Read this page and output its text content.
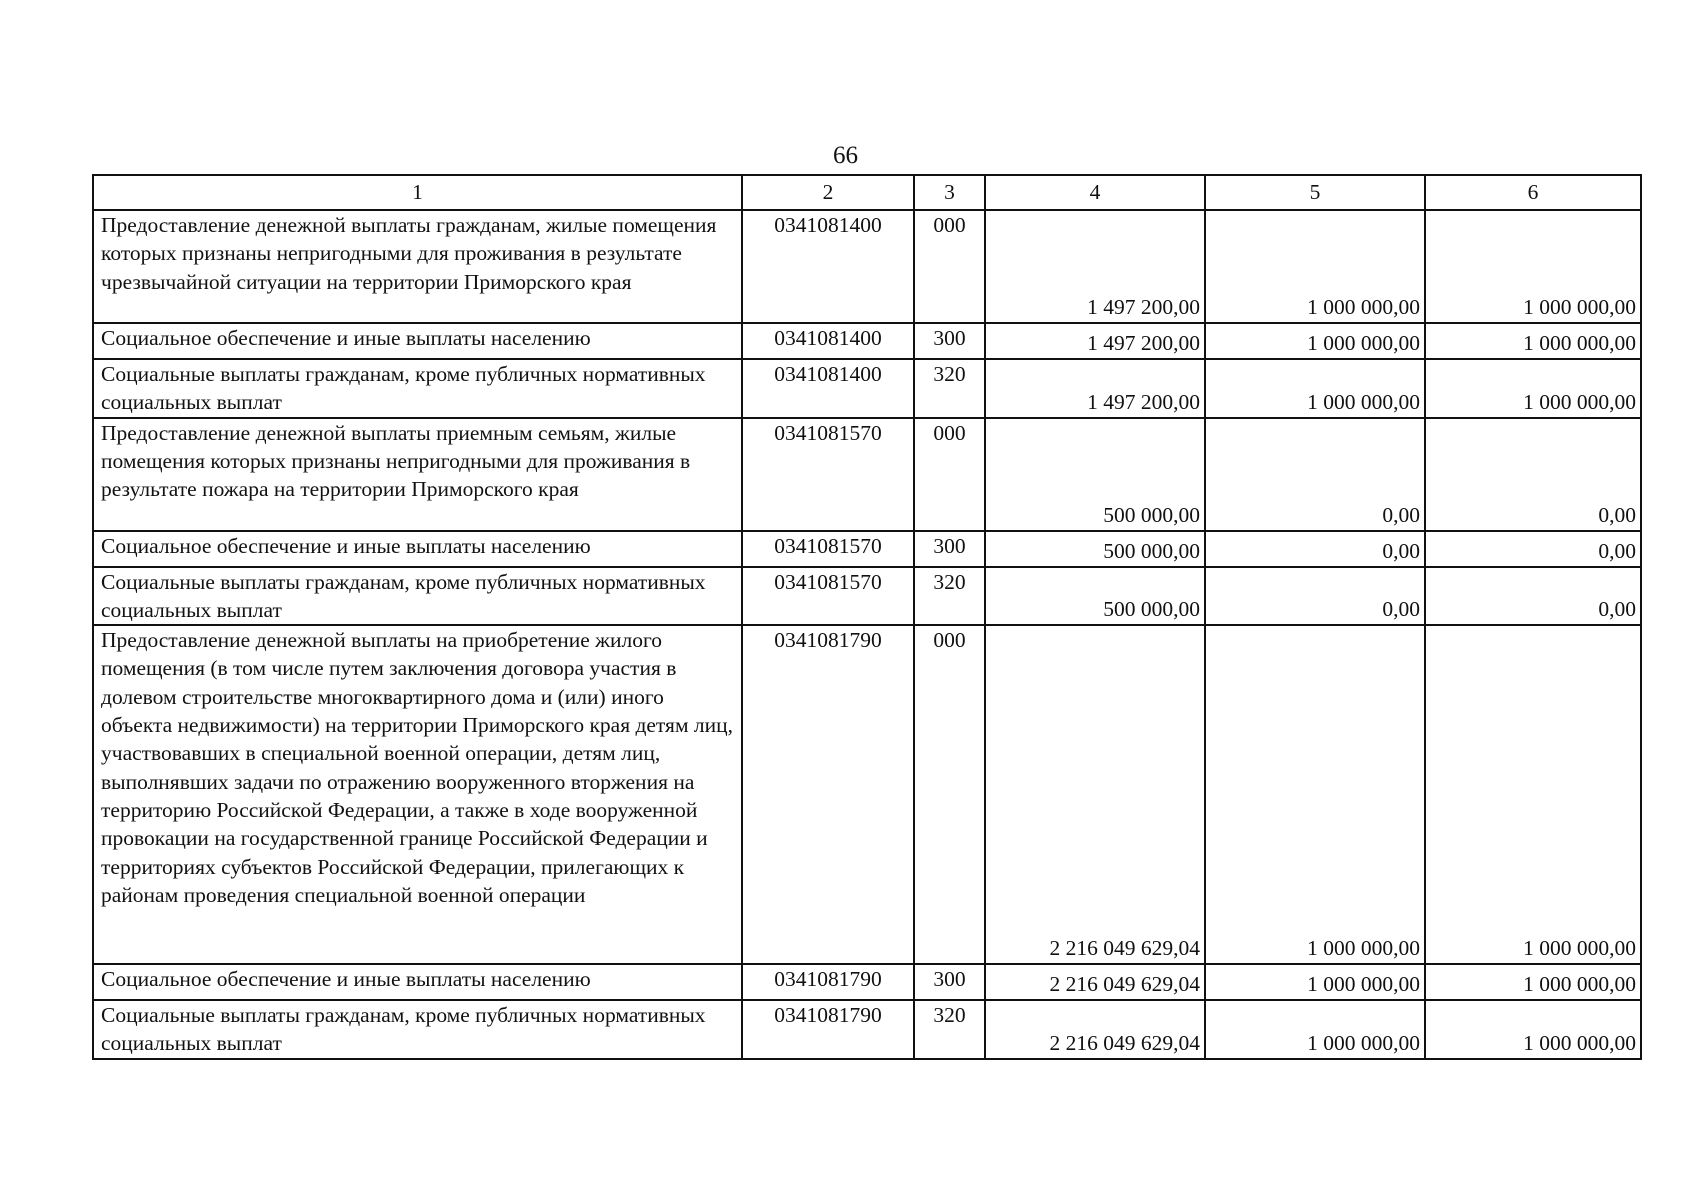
66
1	2	3	4	5	6
Предоставление денежной выплаты гражданам, жилые помещения которых признаны непригодными для проживания в результате чрезвычайной ситуации на территории Приморского края	0341081400	000	1 497 200,00	1 000 000,00	1 000 000,00
Социальное обеспечение и иные выплаты населению	0341081400	300	1 497 200,00	1 000 000,00	1 000 000,00
Социальные выплаты гражданам, кроме публичных нормативных социальных выплат	0341081400	320	1 497 200,00	1 000 000,00	1 000 000,00
Предоставление денежной выплаты приемным семьям, жилые помещения которых признаны непригодными для проживания в результате пожара на территории Приморского края	0341081570	000	500 000,00	0,00	0,00
Социальное обеспечение и иные выплаты населению	0341081570	300	500 000,00	0,00	0,00
Социальные выплаты гражданам, кроме публичных нормативных социальных выплат	0341081570	320	500 000,00	0,00	0,00
Предоставление денежной выплаты на приобретение жилого помещения (в том числе путем заключения договора участия в долевом строительстве многоквартирного дома и (или) иного объекта недвижимости) на территории Приморского края детям лиц, участвовавших в специальной военной операции, детям лиц, выполнявших задачи по отражению вооруженного вторжения на территорию Российской Федерации, а также в ходе вооруженной провокации на государственной границе Российской Федерации и территориях субъектов Российской Федерации, прилегающих к районам проведения специальной военной операции	0341081790	000	2 216 049 629,04	1 000 000,00	1 000 000,00
Социальное обеспечение и иные выплаты населению	0341081790	300	2 216 049 629,04	1 000 000,00	1 000 000,00
Социальные выплаты гражданам, кроме публичных нормативных социальных выплат	0341081790	320	2 216 049 629,04	1 000 000,00	1 000 000,00
